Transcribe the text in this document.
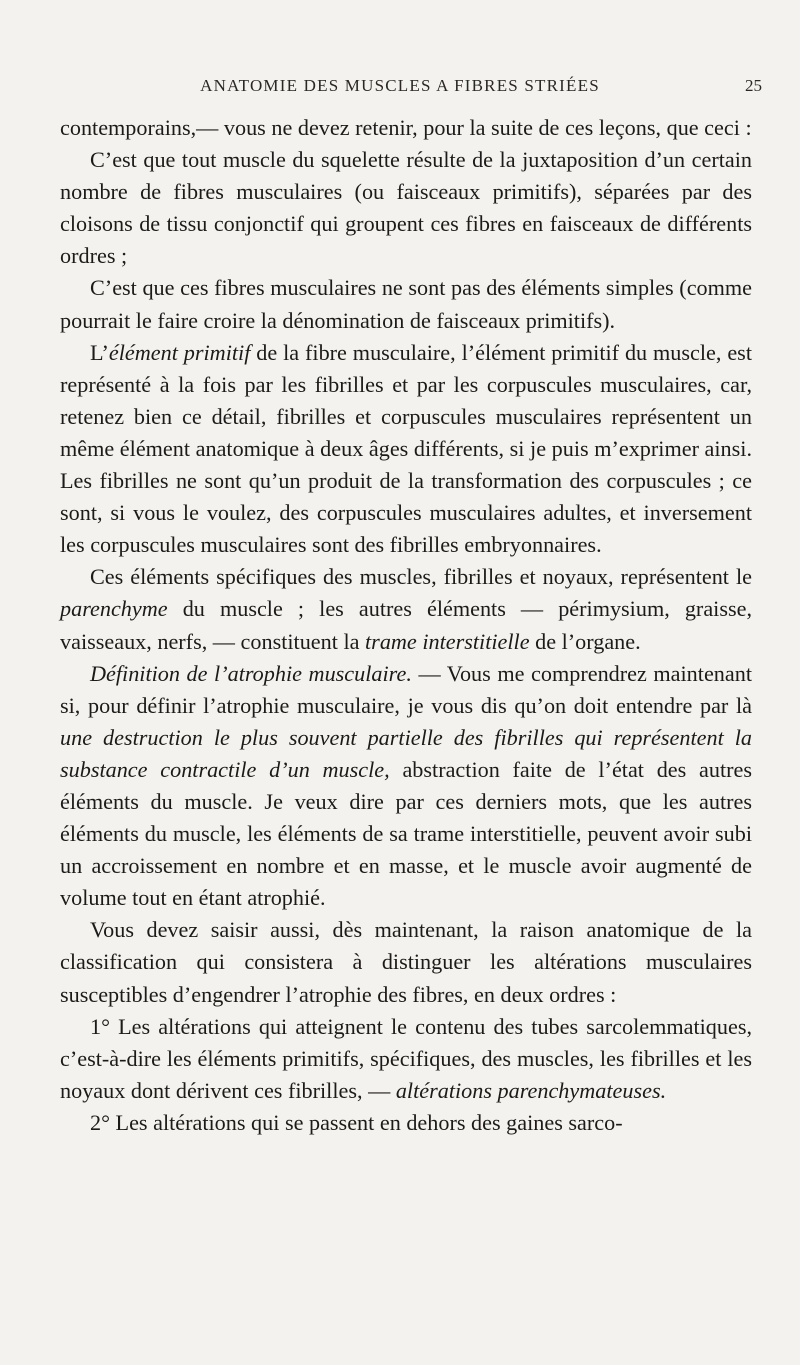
ANATOMIE DES MUSCLES A FIBRES STRIÉES	25

contemporains,— vous ne devez retenir, pour la suite de ces leçons, que ceci :

C’est que tout muscle du squelette résulte de la juxtaposition d’un certain nombre de fibres musculaires (ou faisceaux primitifs), séparées par des cloisons de tissu conjonctif qui groupent ces fibres en faisceaux de différents ordres ;

C’est que ces fibres musculaires ne sont pas des éléments simples (comme pourrait le faire croire la dénomination de faisceaux primitifs).

L’élément primitif de la fibre musculaire, l’élément primitif du muscle, est représenté à la fois par les fibrilles et par les corpuscules musculaires, car, retenez bien ce détail, fibrilles et corpuscules musculaires représentent un même élément anatomique à deux âges différents, si je puis m’exprimer ainsi. Les fibrilles ne sont qu’un produit de la transformation des corpuscules ; ce sont, si vous le voulez, des corpuscules musculaires adultes, et inversement les corpuscules musculaires sont des fibrilles embryonnaires.

Ces éléments spécifiques des muscles, fibrilles et noyaux, représentent le parenchyme du muscle ; les autres éléments — périmysium, graisse, vaisseaux, nerfs, — constituent la trame interstitielle de l’organe.

Définition de l’atrophie musculaire. — Vous me comprendrez maintenant si, pour définir l’atrophie musculaire, je vous dis qu’on doit entendre par là une destruction le plus souvent partielle des fibrilles qui représentent la substance contractile d’un muscle, abstraction faite de l’état des autres éléments du muscle. Je veux dire par ces derniers mots, que les autres éléments du muscle, les éléments de sa trame interstitielle, peuvent avoir subi un accroissement en nombre et en masse, et le muscle avoir augmenté de volume tout en étant atrophié.

Vous devez saisir aussi, dès maintenant, la raison anatomique de la classification qui consistera à distinguer les altérations musculaires susceptibles d’engendrer l’atrophie des fibres, en deux ordres :

1° Les altérations qui atteignent le contenu des tubes sarcolemmatiques, c’est-à-dire les éléments primitifs, spécifiques, des muscles, les fibrilles et les noyaux dont dérivent ces fibrilles, — altérations parenchymateuses.

2° Les altérations qui se passent en dehors des gaines sarco-
